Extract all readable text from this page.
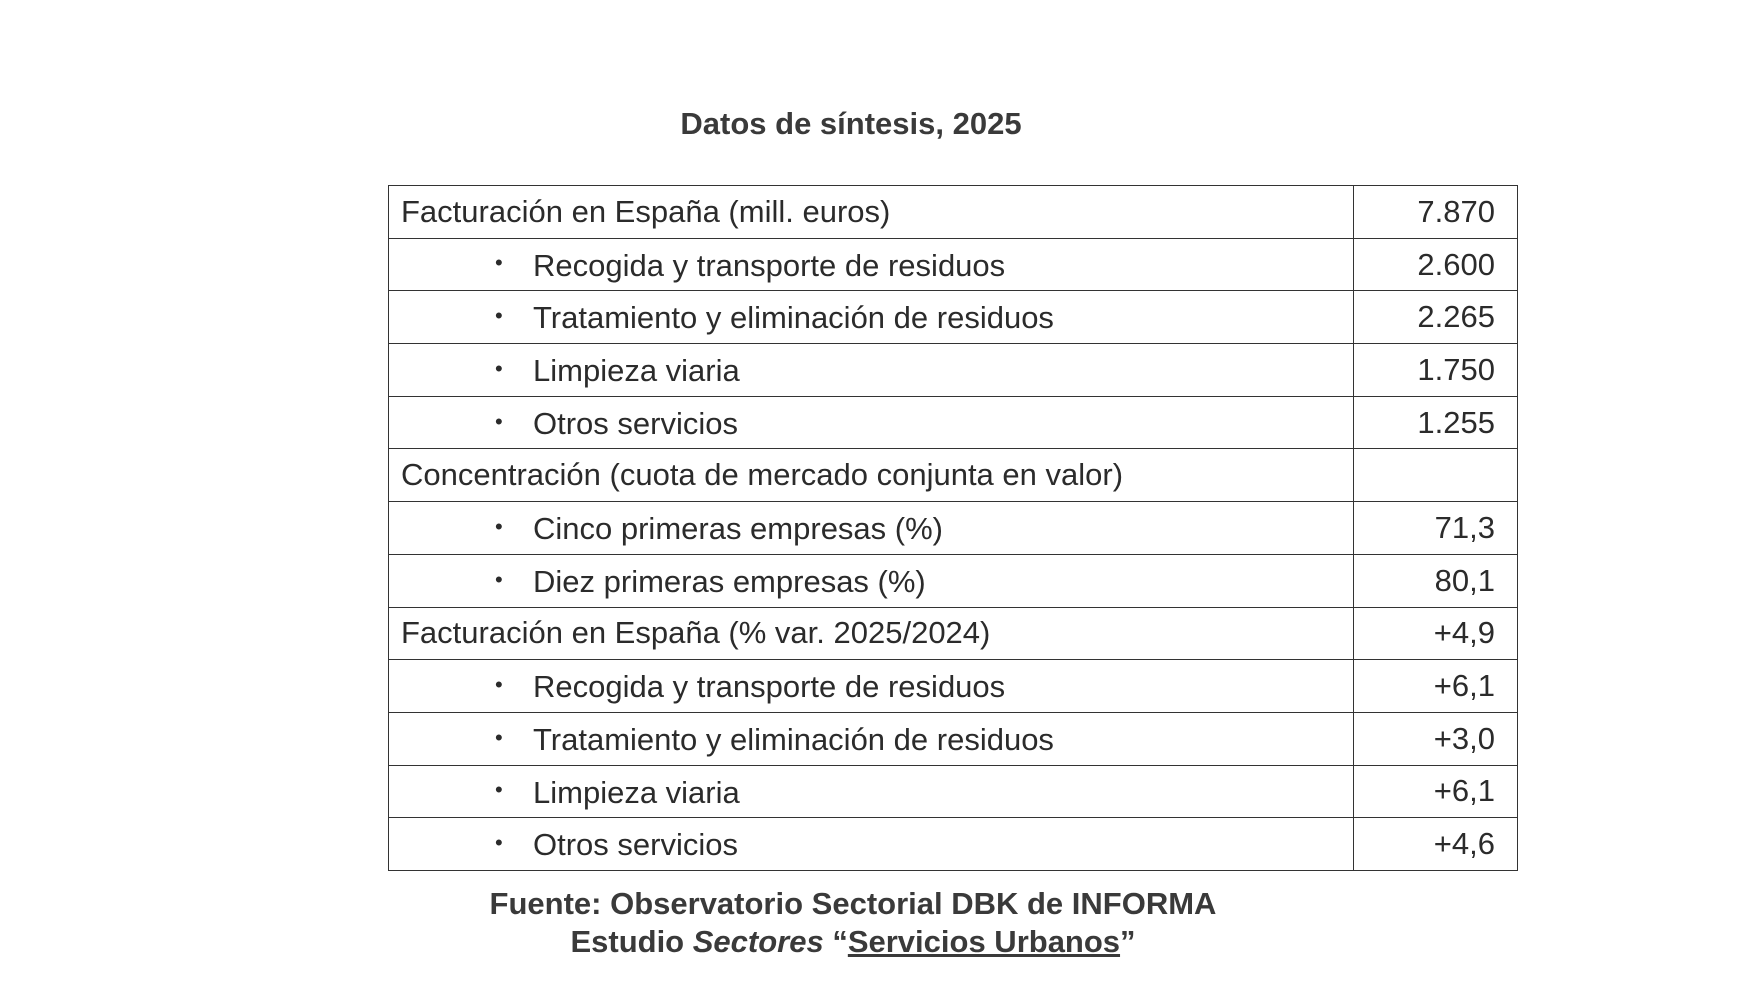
Datos de síntesis, 2025
Facturación en España (mill. euros)	7.870
• Recogida y transporte de residuos	2.600
• Tratamiento y eliminación de residuos	2.265
• Limpieza viaria	1.750
• Otros servicios	1.255
Concentración (cuota de mercado conjunta en valor)	
• Cinco primeras empresas (%)	71,3
• Diez primeras empresas (%)	80,1
Facturación en España (% var. 2025/2024)	+4,9
• Recogida y transporte de residuos	+6,1
• Tratamiento y eliminación de residuos	+3,0
• Limpieza viaria	+6,1
• Otros servicios	+4,6
Fuente: Observatorio Sectorial DBK de INFORMA
Estudio Sectores “Servicios Urbanos”
